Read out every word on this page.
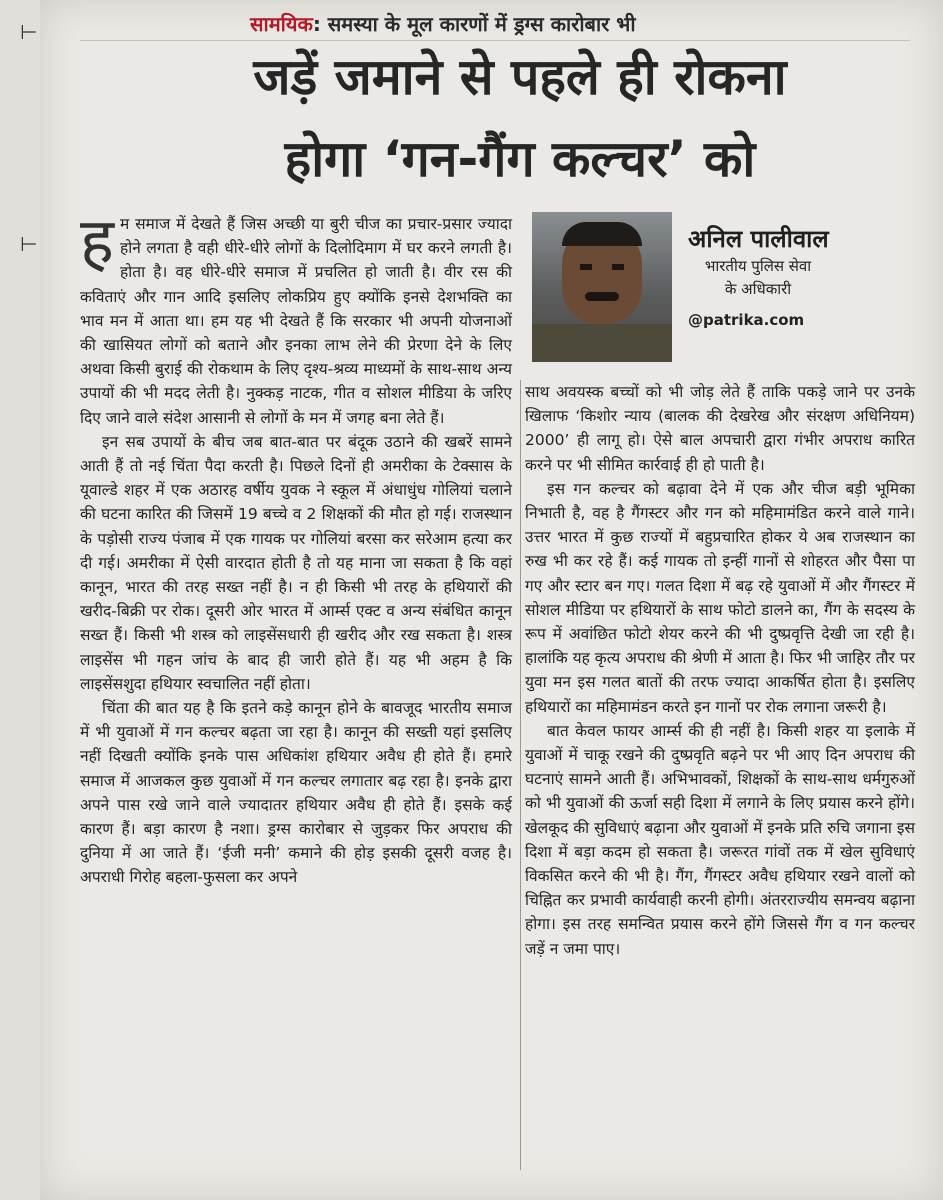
⊢
⊢	सामयिक: समस्या के मूल कारणों में ड्रग्स कारोबार भी
जड़ें जमाने से पहले ही रोकना
होगा ‘गन-गैंग कल्चर’ को

हम समाज में देखते हैं जिस अच्छी या बुरी चीज का प्रचार-प्रसार ज्यादा होने लगता है वही धीरे-धीरे लोगों के दिलोदिमाग में घर करने लगती है। होता है। वह धीरे-धीरे समाज में प्रचलित हो जाती है। वीर रस की कविताएं और गान आदि इसलिए लोकप्रिय हुए क्योंकि इनसे देशभक्ति का भाव मन में आता था। हम यह भी देखते हैं कि सरकार भी अपनी योजनाओं की खासियत लोगों को बताने और इनका लाभ लेने की प्रेरणा देने के लिए अथवा किसी बुराई की रोकथाम के लिए दृश्य-श्रव्य माध्यमों के साथ-साथ अन्य उपायों की भी मदद लेती है। नुक्कड़ नाटक, गीत व सोशल मीडिया के जरिए दिए जाने वाले संदेश आसानी से लोगों के मन में जगह बना लेते हैं।

इन सब उपायों के बीच जब बात-बात पर बंदूक उठाने की खबरें सामने आती हैं तो नई चिंता पैदा करती है। पिछले दिनों ही अमरीका के टेक्सास के यूवाल्डे शहर में एक अठारह वर्षीय युवक ने स्कूल में अंधाधुंध गोलियां चलाने की घटना कारित की जिसमें 19 बच्चे व 2 शिक्षकों की मौत हो गई। राजस्थान के पड़ोसी राज्य पंजाब में एक गायक पर गोलियां बरसा कर सरेआम हत्या कर दी गई। अमरीका में ऐसी वारदात होती है तो यह माना जा सकता है कि वहां कानून, भारत की तरह सख्त नहीं है। न ही किसी भी तरह के हथियारों की खरीद-बिक्री पर रोक। दूसरी ओर भारत में आर्म्स एक्ट व अन्य संबंधित कानून सख्त हैं। किसी भी शस्त्र को लाइसेंसधारी ही खरीद और रख सकता है। शस्त्र लाइसेंस भी गहन जांच के बाद ही जारी होते हैं। यह भी अहम है कि लाइसेंसशुदा हथियार स्वचालित नहीं होता।

चिंता की बात यह है कि इतने कड़े कानून होने के बावजूद भारतीय समाज में भी युवाओं में गन कल्चर बढ़ता जा रहा है। कानून की सख्ती यहां इसलिए नहीं दिखती क्योंकि इनके पास अधिकांश हथियार अवैध ही होते हैं। हमारे समाज में आजकल कुछ युवाओं में गन कल्चर लगातार बढ़ रहा है। इनके द्वारा अपने पास रखे जाने वाले ज्यादातर हथियार अवैध ही होते हैं। इसके कई कारण हैं। बड़ा कारण है नशा। ड्रग्स कारोबार से जुड़कर फिर अपराध की दुनिया में आ जाते हैं। ‘ईजी मनी’ कमाने की होड़ इसकी दूसरी वजह है। अपराधी गिरोह बहला-फुसला कर अपने

अनिल पालीवाल
भारतीय पुलिस सेवा
के अधिकारी
@patrika.com

साथ अवयस्क बच्चों को भी जोड़ लेते हैं ताकि पकड़े जाने पर उनके खिलाफ ‘किशोर न्याय (बालक की देखरेख और संरक्षण अधिनियम) 2000’ ही लागू हो। ऐसे बाल अपचारी द्वारा गंभीर अपराध कारित करने पर भी सीमित कार्रवाई ही हो पाती है।

इस गन कल्चर को बढ़ावा देने में एक और चीज बड़ी भूमिका निभाती है, वह है गैंगस्टर और गन को महिमामंडित करने वाले गाने। उत्तर भारत में कुछ राज्यों में बहुप्रचारित होकर ये अब राजस्थान का रुख भी कर रहे हैं। कई गायक तो इन्हीं गानों से शोहरत और पैसा पा गए और स्टार बन गए। गलत दिशा में बढ़ रहे युवाओं में और गैंगस्टर में सोशल मीडिया पर हथियारों के साथ फोटो डालने का, गैंग के सदस्य के रूप में अवांछित फोटो शेयर करने की भी दुष्प्रवृत्ति देखी जा रही है। हालांकि यह कृत्य अपराध की श्रेणी में आता है। फिर भी जाहिर तौर पर युवा मन इस गलत बातों की तरफ ज्यादा आकर्षित होता है। इसलिए हथियारों का महिमामंडन करते इन गानों पर रोक लगाना जरूरी है।

बात केवल फायर आर्म्स की ही नहीं है। किसी शहर या इलाके में युवाओं में चाकू रखने की दुष्प्रवृति बढ़ने पर भी आए दिन अपराध की घटनाएं सामने आती हैं। अभिभावकों, शिक्षकों के साथ-साथ धर्मगुरुओं को भी युवाओं की ऊर्जा सही दिशा में लगाने के लिए प्रयास करने होंगे। खेलकूद की सुविधाएं बढ़ाना और युवाओं में इनके प्रति रुचि जगाना इस दिशा में बड़ा कदम हो सकता है। जरूरत गांवों तक में खेल सुविधाएं विकसित करने की भी है। गैंग, गैंगस्टर अवैध हथियार रखने वालों को चिह्नित कर प्रभावी कार्यवाही करनी होगी। अंतरराज्यीय समन्वय बढ़ाना होगा। इस तरह समन्वित प्रयास करने होंगे जिससे गैंग व गन कल्चर जड़ें न जमा पाए।
